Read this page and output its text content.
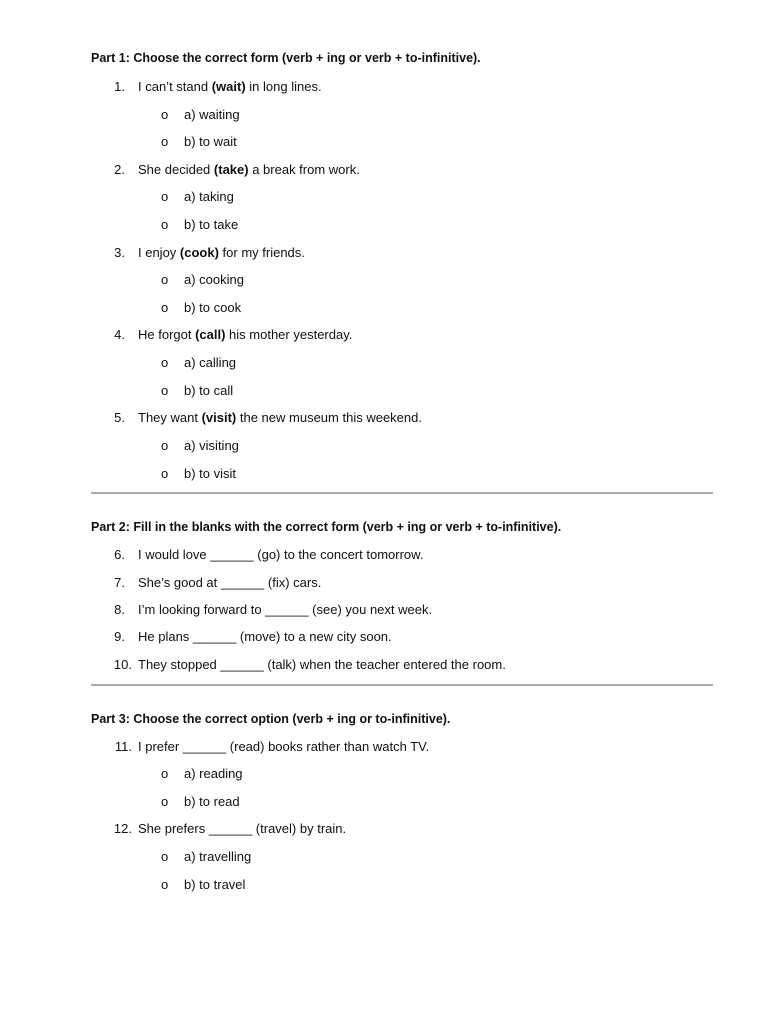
Part 1: Choose the correct form (verb + ing or verb + to-infinitive).
1. I can’t stand (wait) in long lines.
o a) waiting
o b) to wait
2. She decided (take) a break from work.
o a) taking
o b) to take
3. I enjoy (cook) for my friends.
o a) cooking
o b) to cook
4. He forgot (call) his mother yesterday.
o a) calling
o b) to call
5. They want (visit) the new museum this weekend.
o a) visiting
o b) to visit
Part 2: Fill in the blanks with the correct form (verb + ing or verb + to-infinitive).
6. I would love ______ (go) to the concert tomorrow.
7. She’s good at ______ (fix) cars.
8. I’m looking forward to ______ (see) you next week.
9. He plans ______ (move) to a new city soon.
10. They stopped ______ (talk) when the teacher entered the room.
Part 3: Choose the correct option (verb + ing or to-infinitive).
11. I prefer ______ (read) books rather than watch TV.
o a) reading
o b) to read
12. She prefers ______ (travel) by train.
o a) travelling
o b) to travel
